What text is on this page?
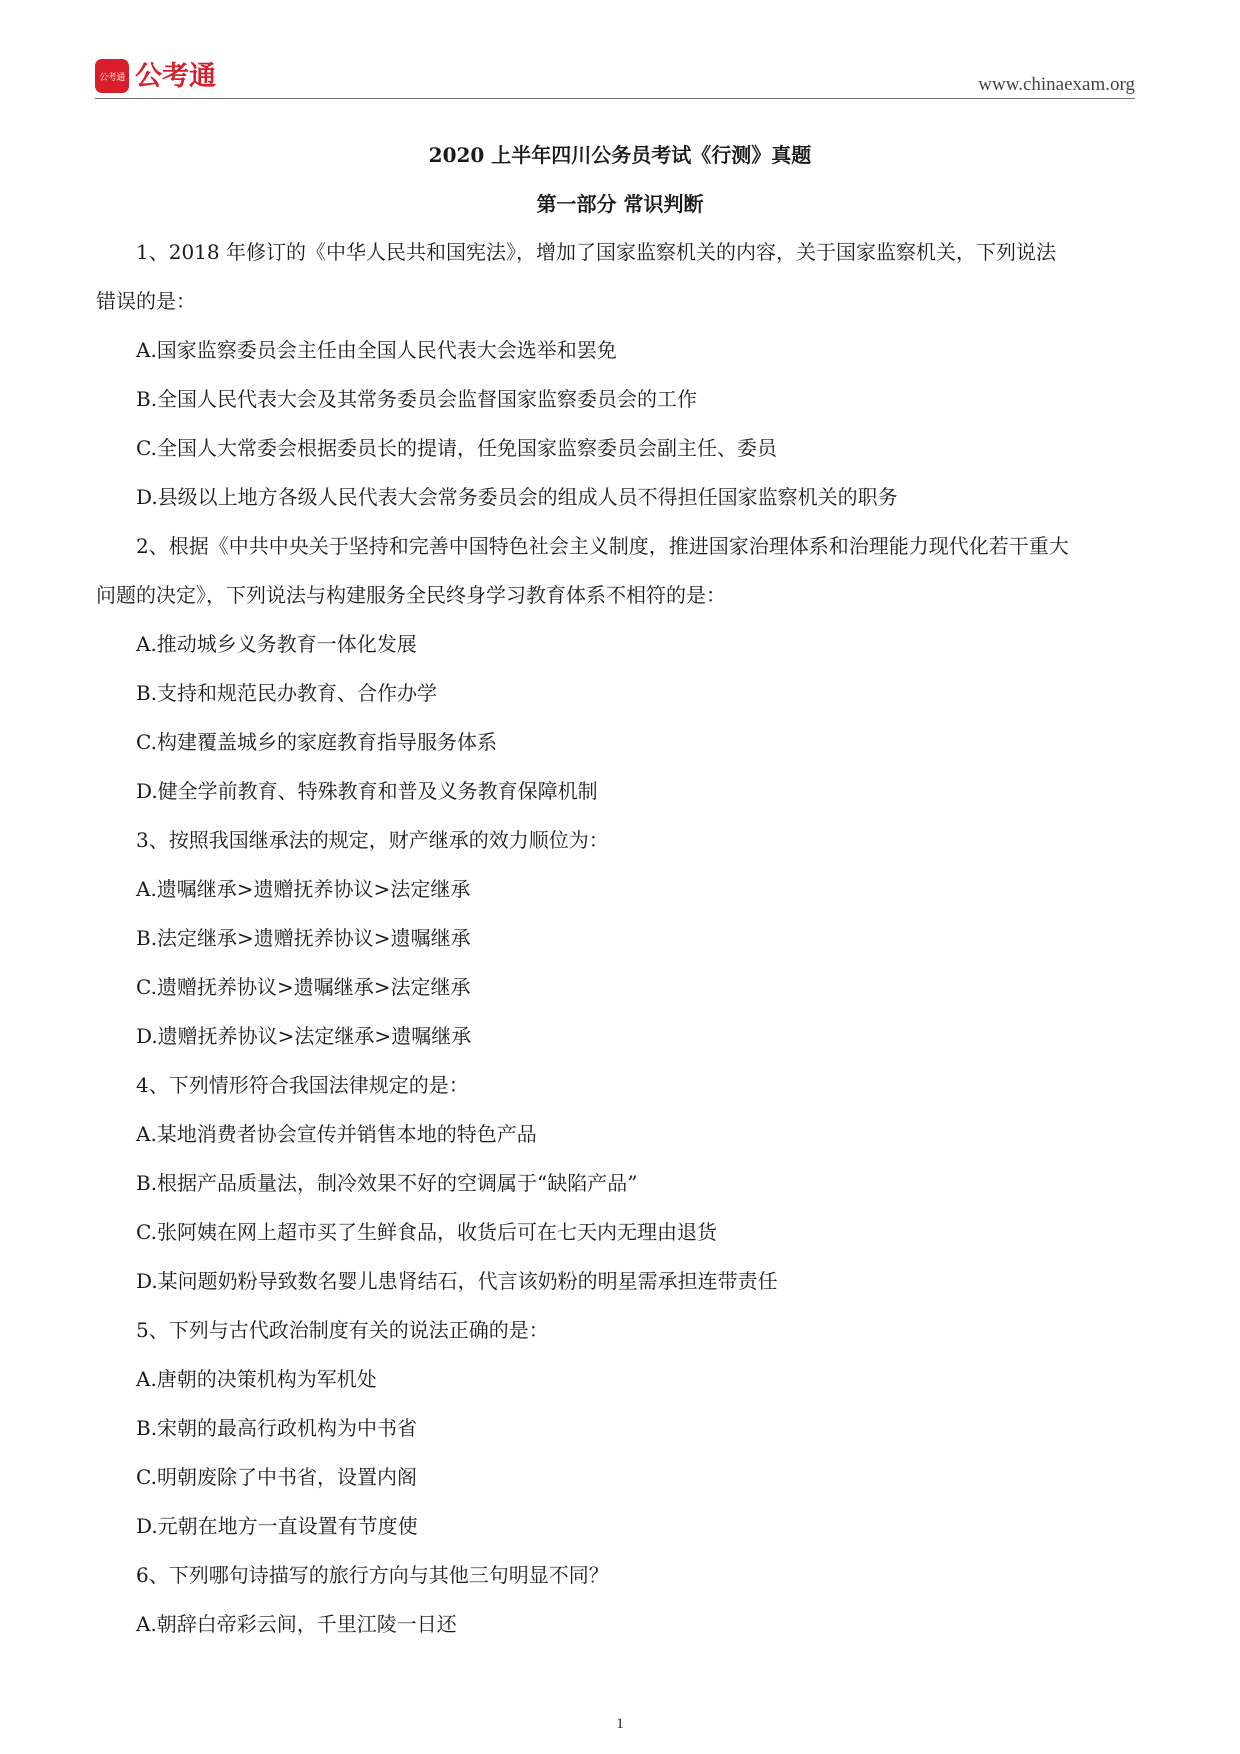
公考通 公考通	www.chinaexam.org
2020 上半年四川公务员考试《行测》真题
第一部分 常识判断
1、2018 年修订的《中华人民共和国宪法》，增加了国家监察机关的内容，关于国家监察机关，下列说法
错误的是：
A.国家监察委员会主任由全国人民代表大会选举和罢免
B.全国人民代表大会及其常务委员会监督国家监察委员会的工作
C.全国人大常委会根据委员长的提请，任免国家监察委员会副主任、委员
D.县级以上地方各级人民代表大会常务委员会的组成人员不得担任国家监察机关的职务
2、根据《中共中央关于坚持和完善中国特色社会主义制度，推进国家治理体系和治理能力现代化若干重大
问题的决定》，下列说法与构建服务全民终身学习教育体系不相符的是：
A.推动城乡义务教育一体化发展
B.支持和规范民办教育、合作办学
C.构建覆盖城乡的家庭教育指导服务体系
D.健全学前教育、特殊教育和普及义务教育保障机制
3、按照我国继承法的规定，财产继承的效力顺位为：
A.遗嘱继承>遗赠抚养协议>法定继承
B.法定继承>遗赠抚养协议>遗嘱继承
C.遗赠抚养协议>遗嘱继承>法定继承
D.遗赠抚养协议>法定继承>遗嘱继承
4、下列情形符合我国法律规定的是：
A.某地消费者协会宣传并销售本地的特色产品
B.根据产品质量法，制冷效果不好的空调属于“缺陷产品”
C.张阿姨在网上超市买了生鲜食品，收货后可在七天内无理由退货
D.某问题奶粉导致数名婴儿患肾结石，代言该奶粉的明星需承担连带责任
5、下列与古代政治制度有关的说法正确的是：
A.唐朝的决策机构为军机处
B.宋朝的最高行政机构为中书省
C.明朝废除了中书省，设置内阁
D.元朝在地方一直设置有节度使
6、下列哪句诗描写的旅行方向与其他三句明显不同？
A.朝辞白帝彩云间，千里江陵一日还
1
